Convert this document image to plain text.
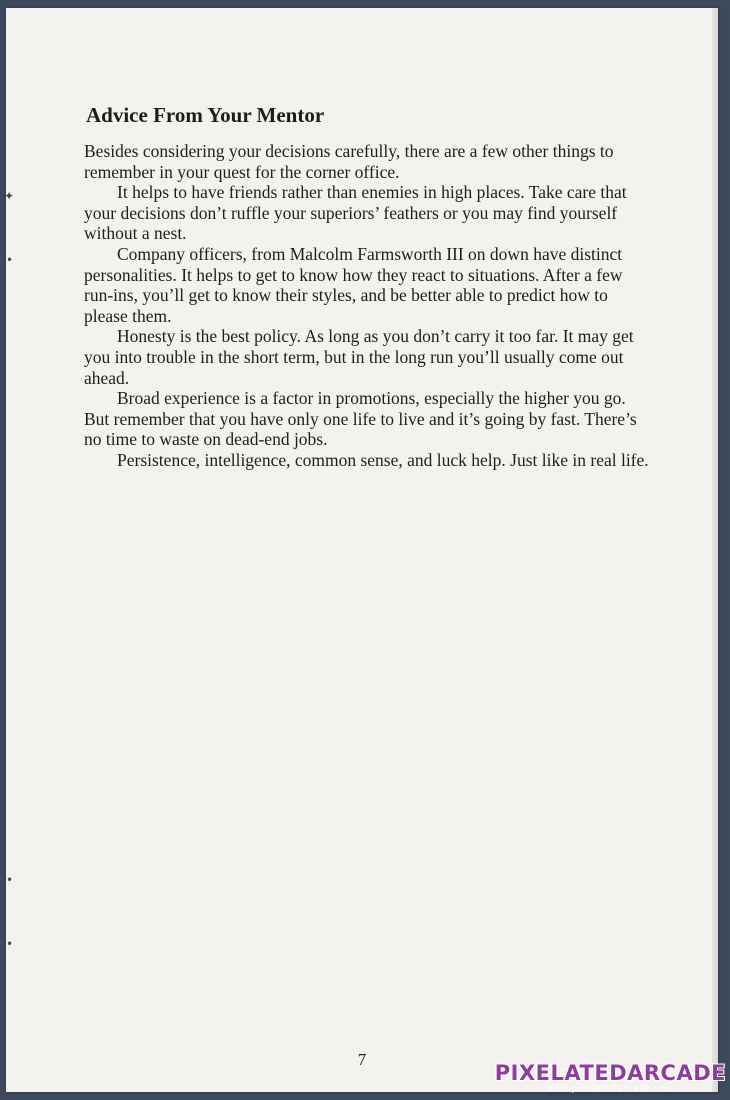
✦
•
•
•
Advice From Your Mentor

Besides considering your decisions carefully, there are a few other things to remember in your quest for the corner office.

It helps to have friends rather than enemies in high places. Take care that your decisions don’t ruffle your superiors’ feathers or you may find yourself without a nest.

Company officers, from Malcolm Farmsworth III on down have distinct personalities. It helps to get to know how they react to situations. After a few run-ins, you’ll get to know their styles, and be better able to predict how to please them.

Honesty is the best policy. As long as you don’t carry it too far. It may get you into trouble in the short term, but in the long run you’ll usually come out ahead.

Broad experience is a factor in promotions, especially the higher you go. But remember that you have only one life to live and it’s going by fast. There’s no time to waste on dead-end jobs.

Persistence, intelligence, common sense, and luck help. Just like in real life.

7
PIXELATEDARCADE
www.pixelatedarcade.com
